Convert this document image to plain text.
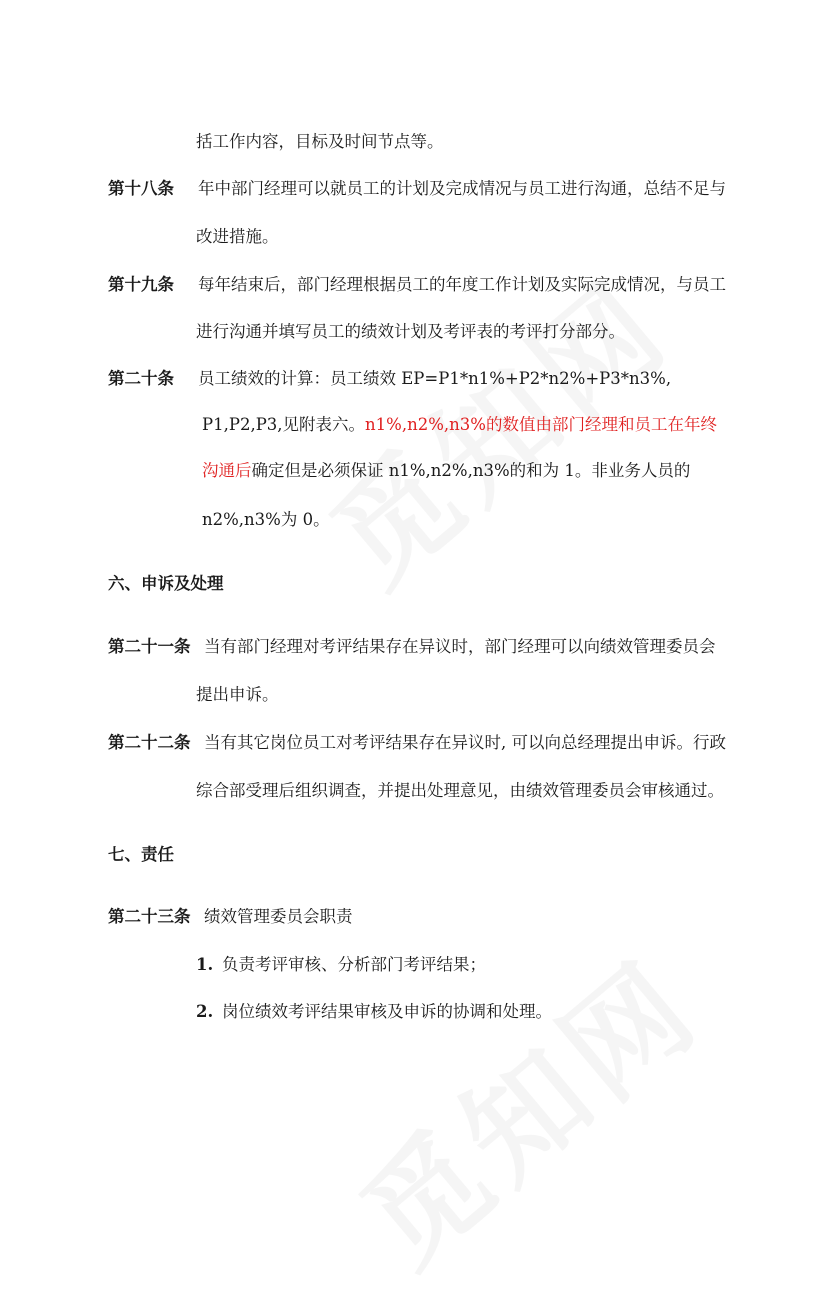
括工作内容，目标及时间节点等。
第十八条 年中部门经理可以就员工的计划及完成情况与员工进行沟通，总结不足与
改进措施。
第十九条 每年结束后，部门经理根据员工的年度工作计划及实际完成情况，与员工
进行沟通并填写员工的绩效计划及考评表的考评打分部分。
第二十条 员工绩效的计算：员工绩效 EP=P1*n1%+P2*n2%+P3*n3%,
P1,P2,P3,见附表六。n1%,n2%,n3%的数值由部门经理和员工在年终
沟通后确定但是必须保证 n1%,n2%,n3%的和为 1。非业务人员的
n2%,n3%为 0。
六、申诉及处理
第二十一条 当有部门经理对考评结果存在异议时，部门经理可以向绩效管理委员会
提出申诉。
第二十二条 当有其它岗位员工对考评结果存在异议时, 可以向总经理提出申诉。行政
综合部受理后组织调查，并提出处理意见，由绩效管理委员会审核通过。
七、责任
第二十三条 绩效管理委员会职责
1. 负责考评审核、分析部门考评结果；
2. 岗位绩效考评结果审核及申诉的协调和处理。
